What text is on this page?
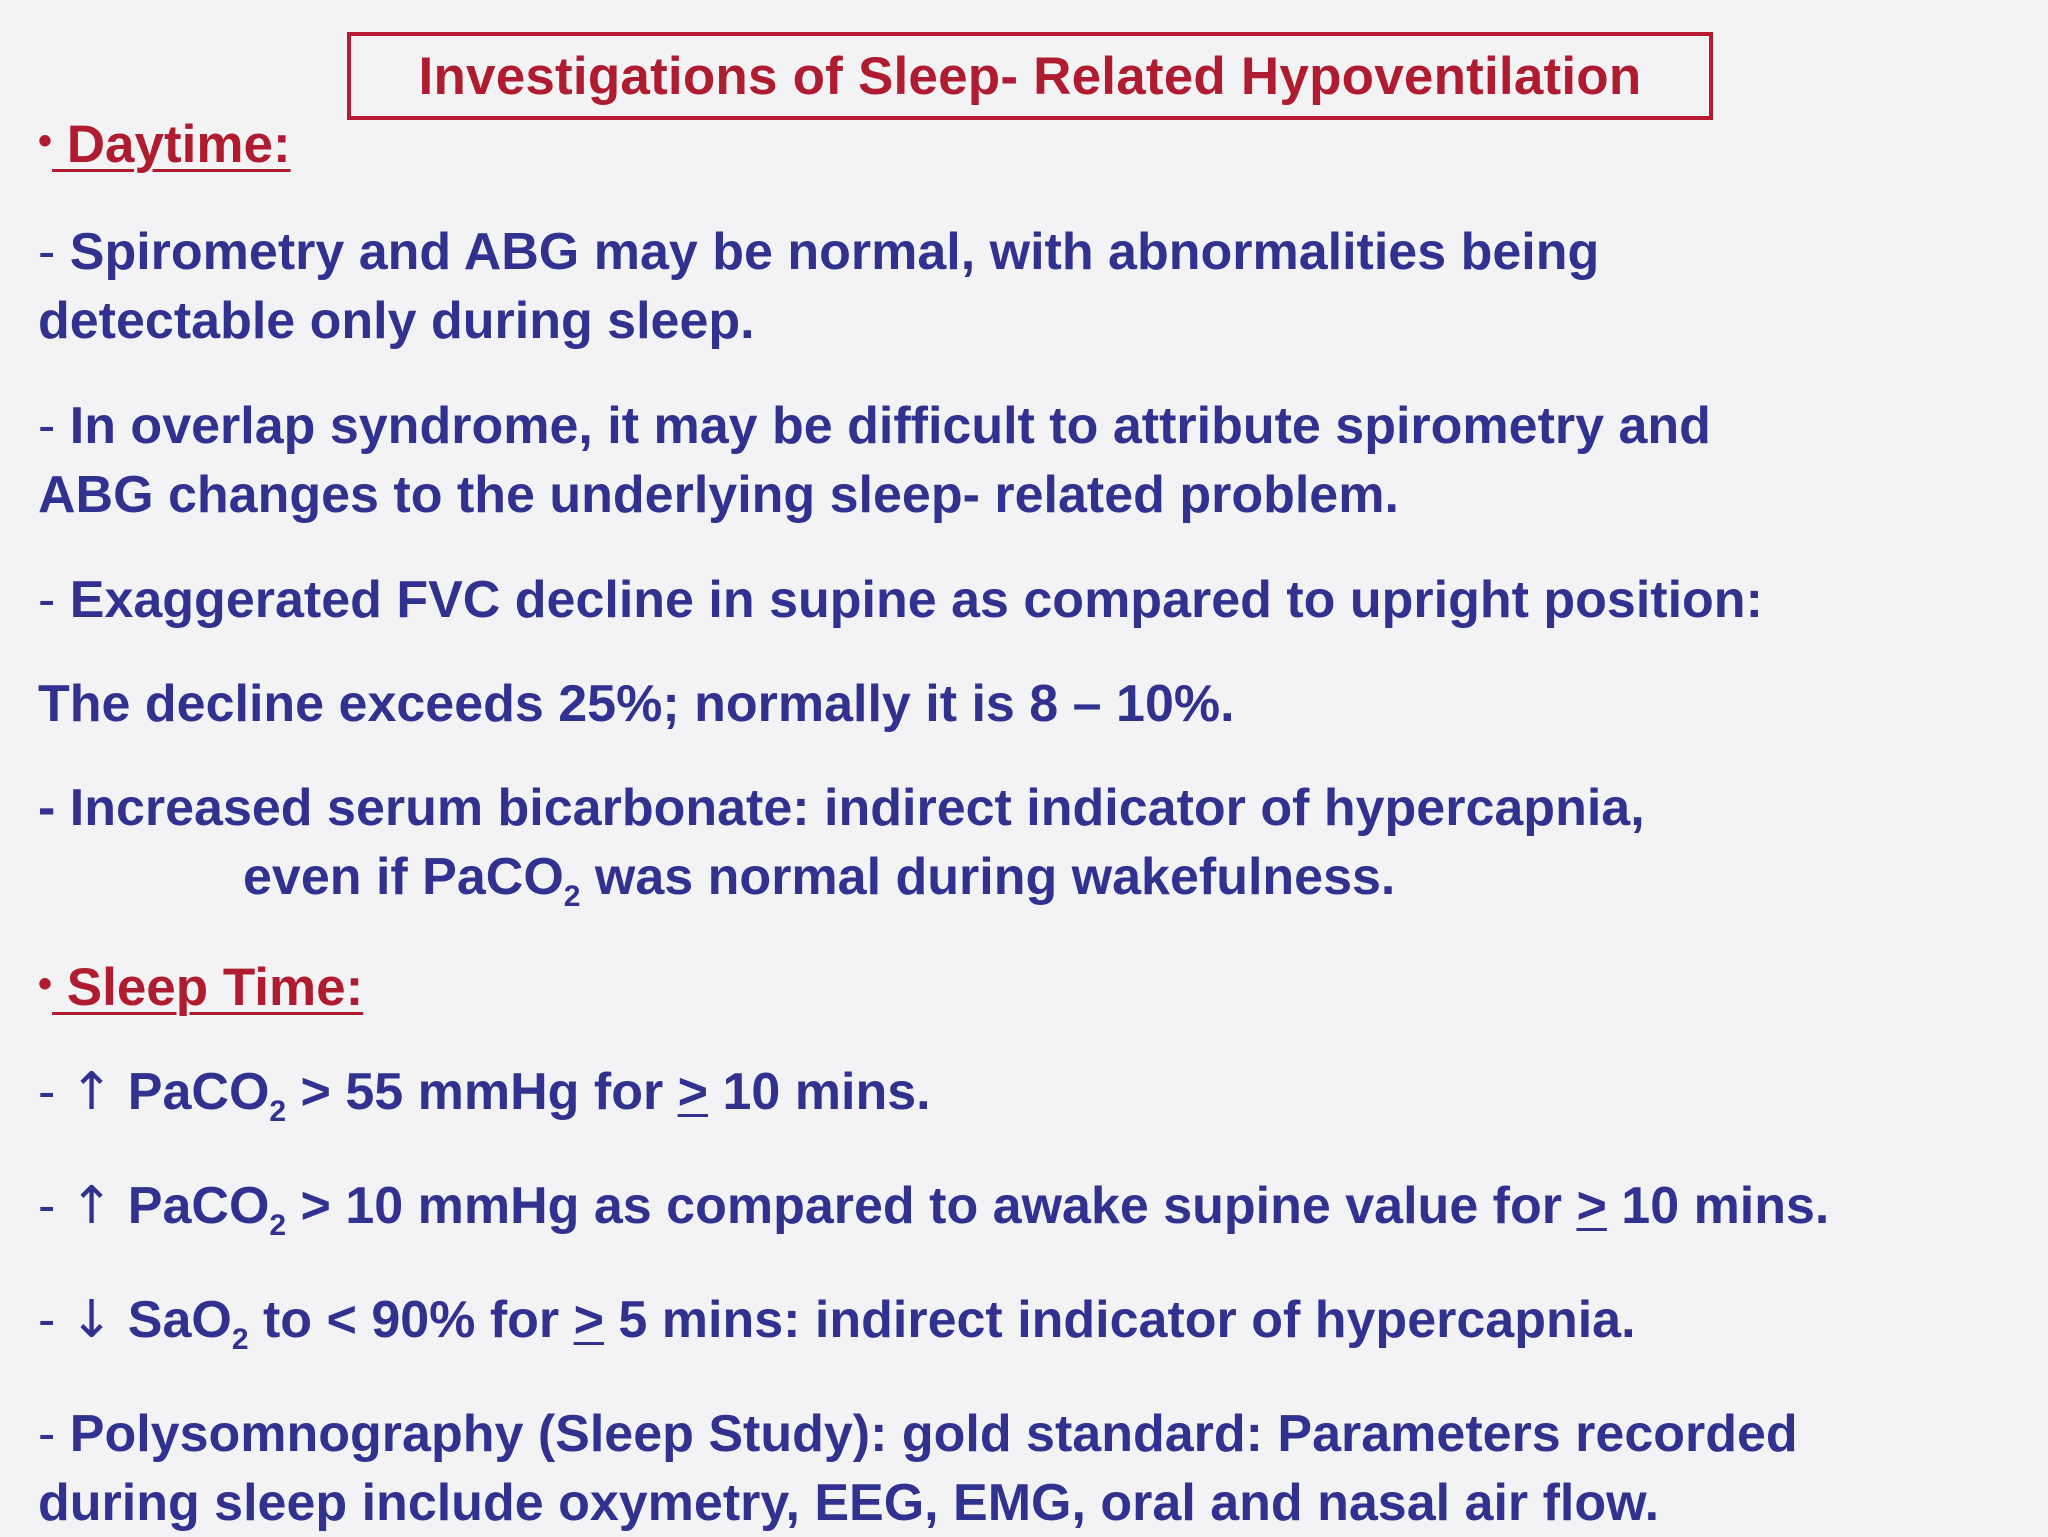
Investigations of Sleep- Related Hypoventilation
• Daytime:
- Spirometry and ABG may be normal, with abnormalities being
detectable only during sleep.
- In overlap syndrome, it may be difficult to attribute spirometry and
ABG changes to the underlying sleep- related problem.
- Exaggerated FVC decline in supine as compared to upright position:
The decline exceeds 25%; normally it is 8 – 10%.
- Increased serum bicarbonate: indirect indicator of hypercapnia,
even if PaCO$_2$ was normal during wakefulness.
• Sleep Time:
- ↑ PaCO$_2$ > 55 mmHg for ≥ 10 mins.
- ↑ PaCO$_2$ > 10 mmHg as compared to awake supine value for ≥ 10 mins.
- ↓ SaO$_2$ to < 90% for ≥ 5 mins: indirect indicator of hypercapnia.
- Polysomnography (Sleep Study): gold standard: Parameters recorded
during sleep include oxymetry, EEG, EMG, oral and nasal air flow.
